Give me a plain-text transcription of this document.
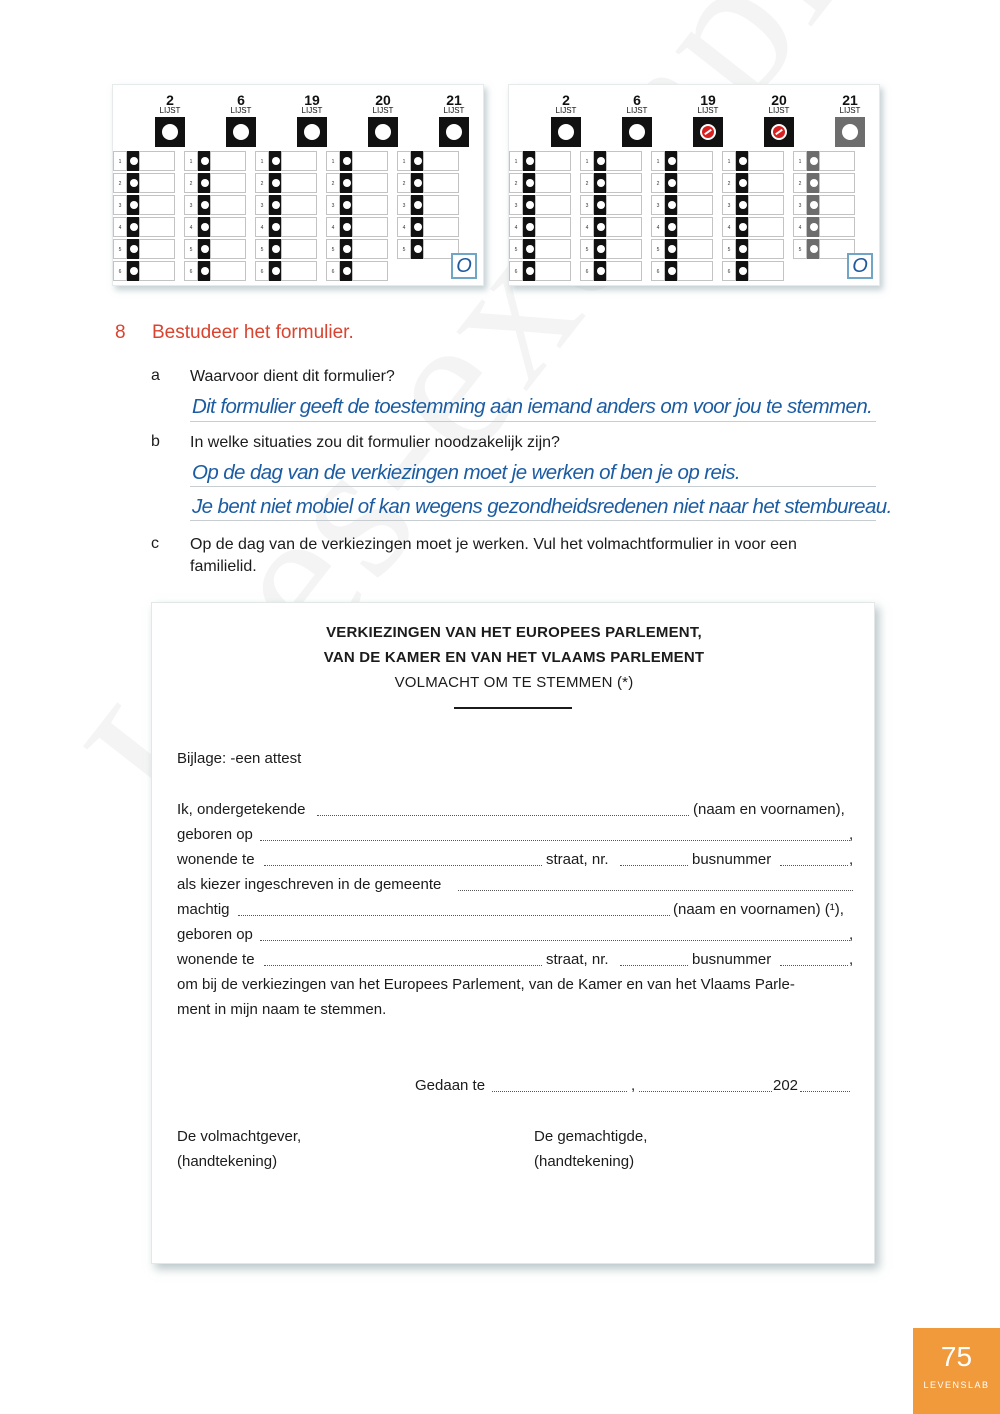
2
LIJST
1
2
3
4
5
6
6
LIJST
1
2
3
4
5
6
19
LIJST
1
2
3
4
5
6
20
LIJST
1
2
3
4
5
6
21
LIJST
1
2
3
4
5
O
2
LIJST
1
2
3
4
5
6
6
LIJST
1
2
3
4
5
6
19
LIJST
1
2
3
4
5
6
20
LIJST
1
2
3
4
5
6
21
LIJST
1
2
3
4
5
O
8 Bestudeer het formulier.
a Waarvoor dient dit formulier?
Dit formulier geeft de toestemming aan iemand anders om voor jou te stemmen.
b In welke situaties zou dit formulier noodzakelijk zijn?
Op de dag van de verkiezingen moet je werken of ben je op reis.
Je bent niet mobiel of kan wegens gezondheidsredenen niet naar het stembureau.
c Op de dag van de verkiezingen moet je werken. Vul het volmachtformulier in voor een
familielid.
VERKIEZINGEN VAN HET EUROPEES PARLEMENT,
VAN DE KAMER EN VAN HET VLAAMS PARLEMENT
VOLMACHT OM TE STEMMEN (*)
Bijlage: -een attest
Ik, ondergetekende	(naam en voornamen),
geboren op	,
wonende te	straat, nr.	busnummer	,
als kiezer ingeschreven in de gemeente
machtig	(naam en voornamen) (¹),
geboren op	,
wonende te	straat, nr.	busnummer	,
om bij de verkiezingen van het Europees Parlement, van de Kamer en van het Vlaams Parle-
ment in mijn naam te stemmen.
Gedaan te	,	202
De volmachtgever,
(handtekening)
De gemachtigde,
(handtekening)
75
LEVENSLAB
